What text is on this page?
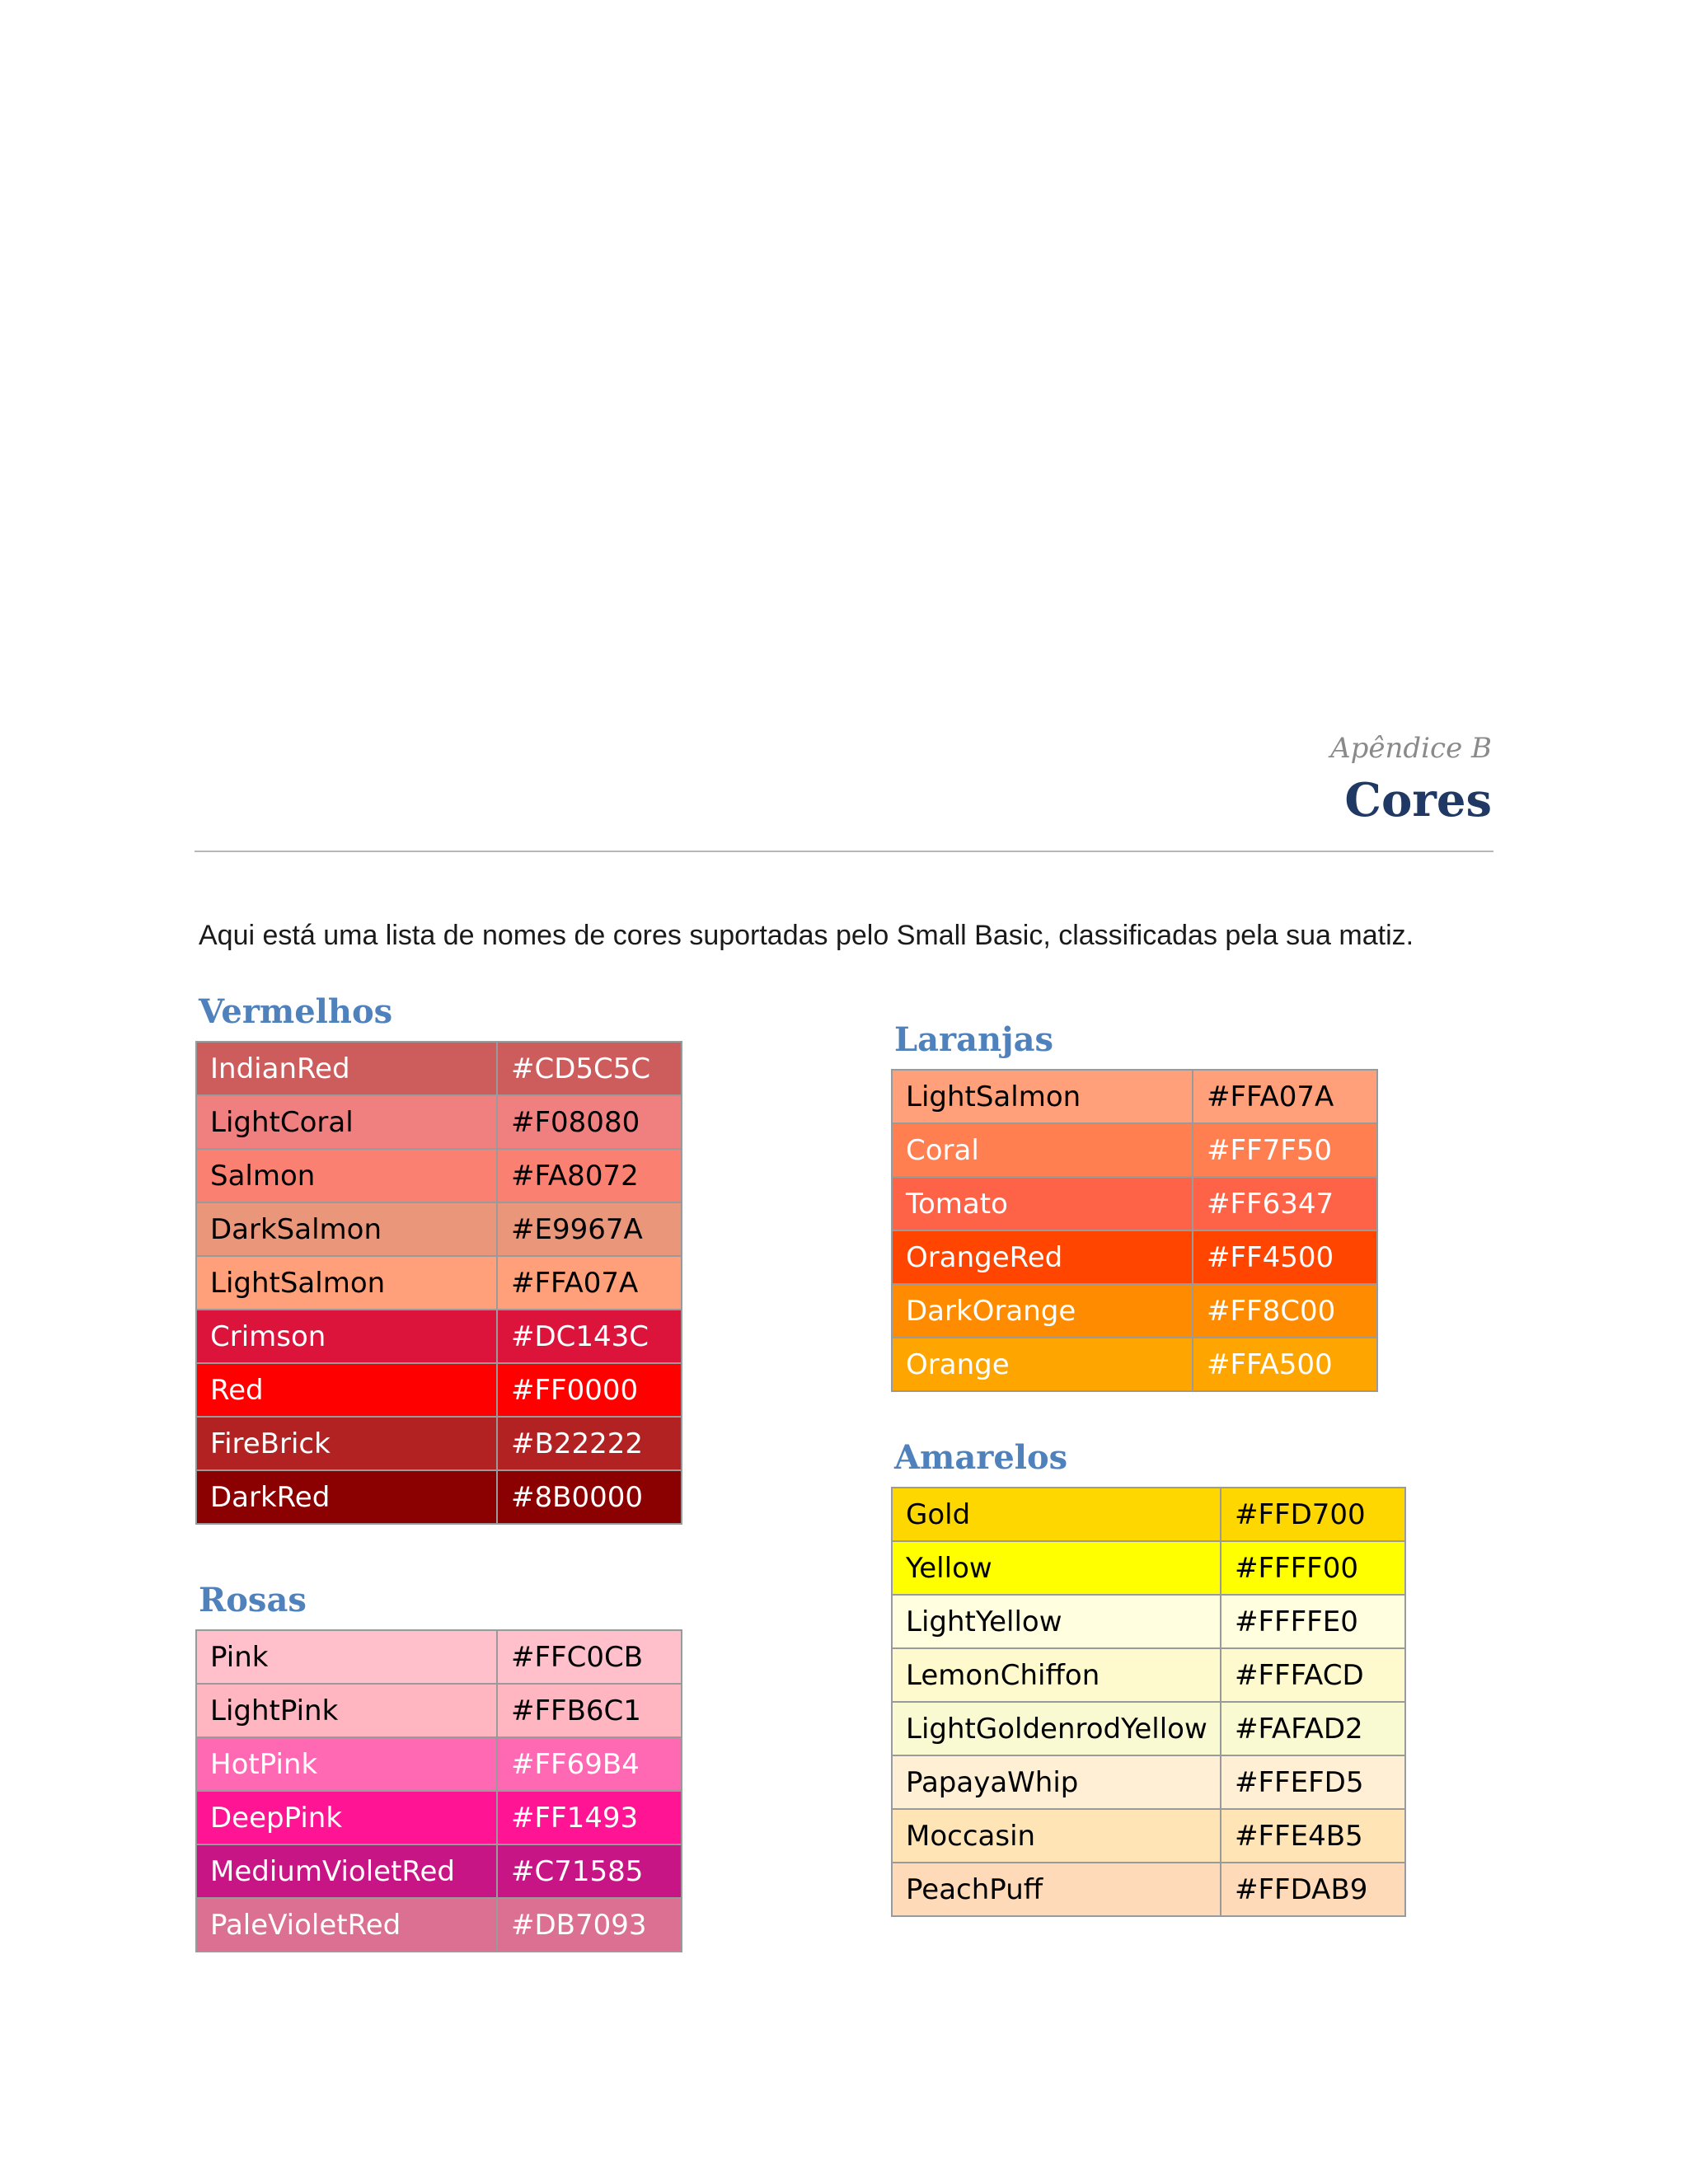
Apêndice B
Cores
Aqui está uma lista de nomes de cores suportadas pelo Small Basic, classificadas pela sua matiz.
Vermelhos
IndianRed	#CD5C5C
LightCoral	#F08080
Salmon	#FA8072
DarkSalmon	#E9967A
LightSalmon	#FFA07A
Crimson	#DC143C
Red	#FF0000
FireBrick	#B22222
DarkRed	#8B0000
Rosas
Pink	#FFC0CB
LightPink	#FFB6C1
HotPink	#FF69B4
DeepPink	#FF1493
MediumVioletRed	#C71585
PaleVioletRed	#DB7093
Laranjas
LightSalmon	#FFA07A
Coral	#FF7F50
Tomato	#FF6347
OrangeRed	#FF4500
DarkOrange	#FF8C00
Orange	#FFA500
Amarelos
Gold	#FFD700
Yellow	#FFFF00
LightYellow	#FFFFE0
LemonChiffon	#FFFACD
LightGoldenrodYellow	#FAFAD2
PapayaWhip	#FFEFD5
Moccasin	#FFE4B5
PeachPuff	#FFDAB9
